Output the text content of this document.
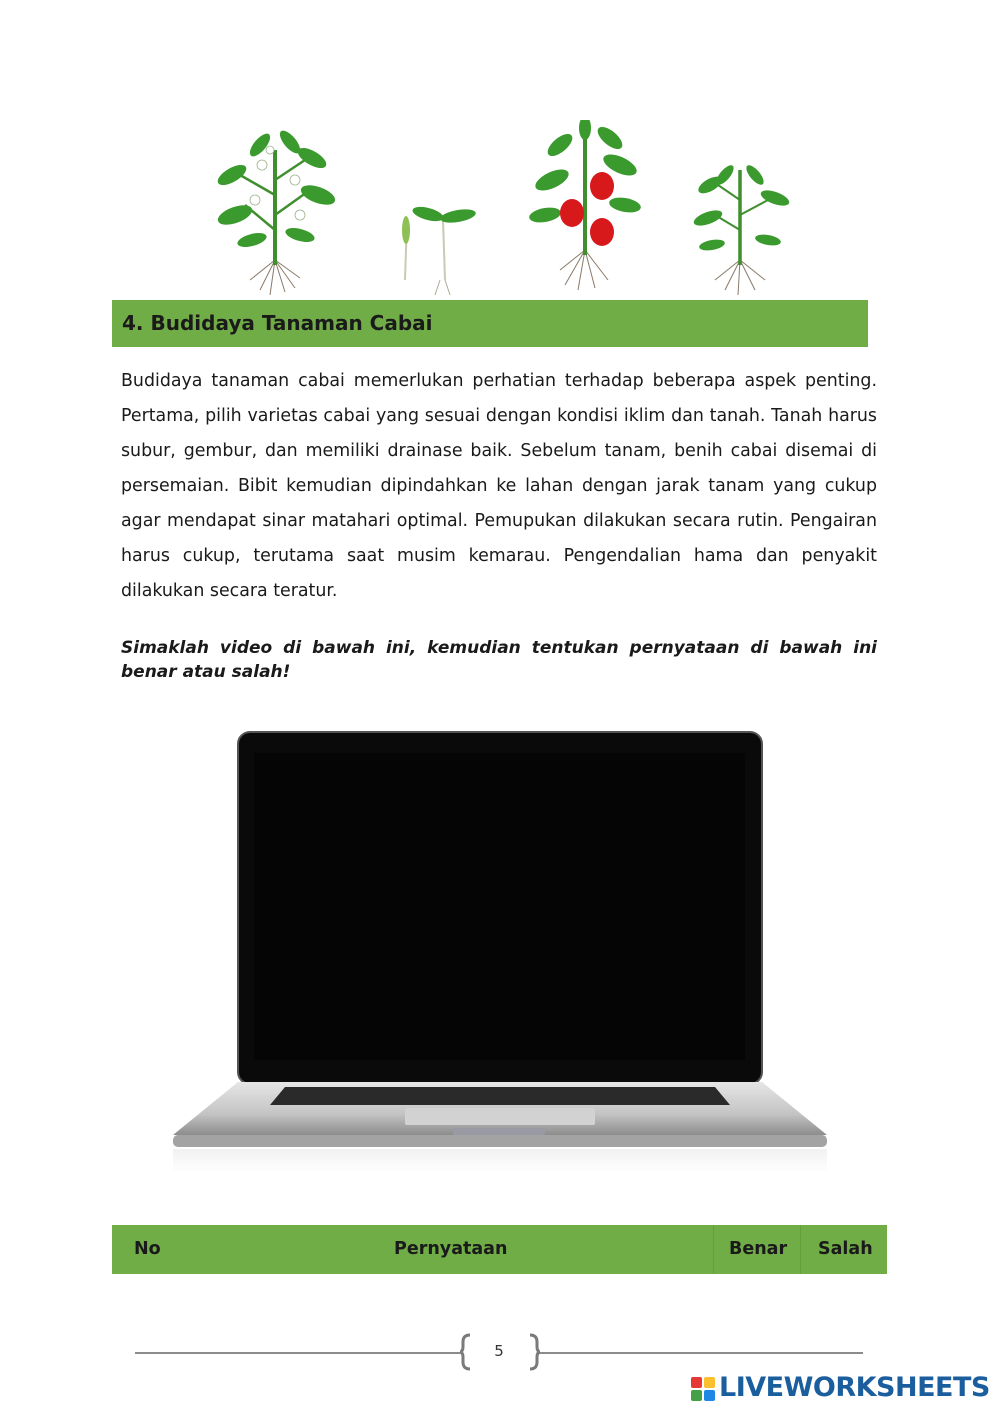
4. Budidaya Tanaman Cabai
Budidaya tanaman cabai memerlukan perhatian terhadap beberapa aspek penting. Pertama, pilih varietas cabai yang sesuai dengan kondisi iklim dan tanah. Tanah harus subur, gembur, dan memiliki drainase baik. Sebelum tanam, benih cabai disemai di persemaian. Bibit kemudian dipindahkan ke lahan dengan jarak tanam yang cukup agar mendapat sinar matahari optimal. Pemupukan dilakukan secara rutin. Pengairan harus cukup, terutama saat musim kemarau. Pengendalian hama dan penyakit dilakukan secara teratur.
Simaklah video di bawah ini, kemudian tentukan pernyataan di bawah ini benar atau salah!
No	Pernyataan	Benar Salah
5
LIVEWORKSHEETS
